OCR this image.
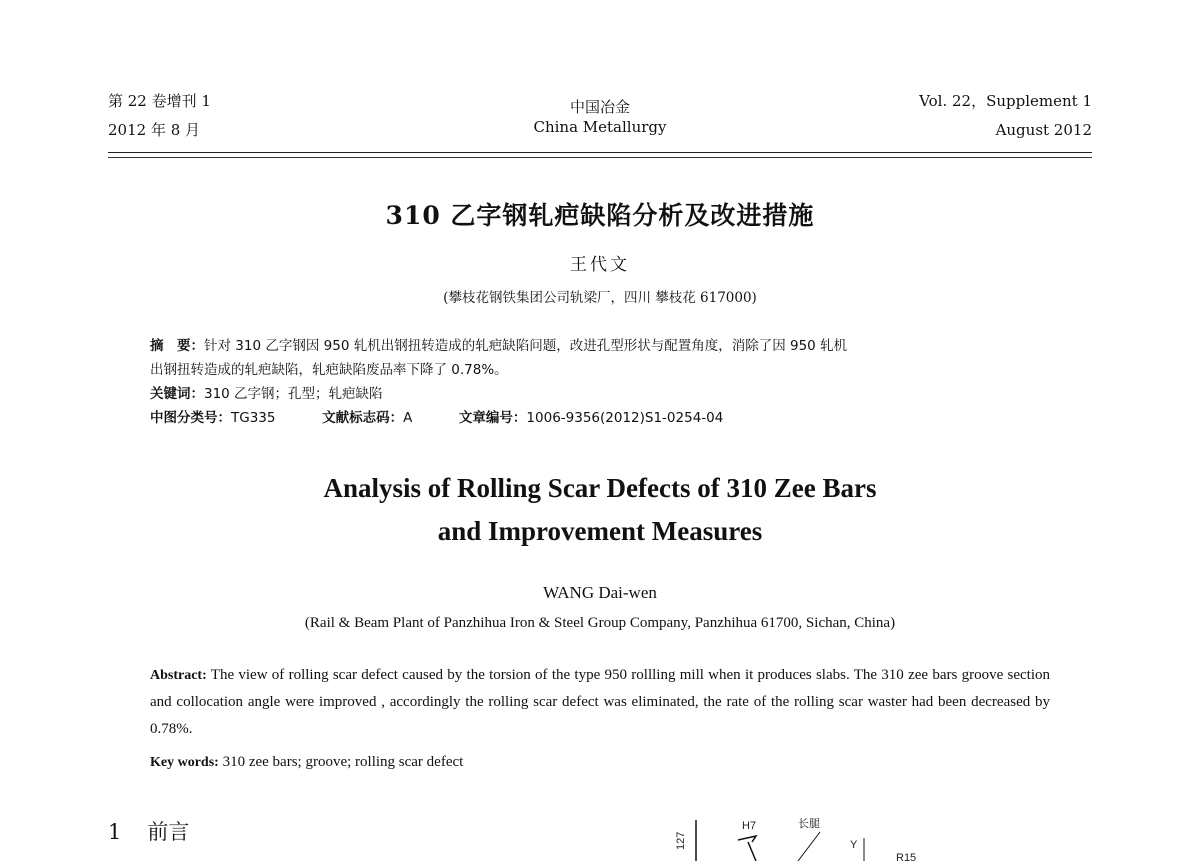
第 22 卷增刊 1
2012 年 8 月
中国冶金
China Metallurgy
Vol. 22，Supplement 1
August 2012
310 乙字钢轧疤缺陷分析及改进措施
王代文
(攀枝花钢铁集团公司轨梁厂，四川 攀枝花 617000)
摘　要：针对 310 乙字钢因 950 轧机出钢扭转造成的轧疤缺陷问题，改进孔型形状与配置角度，消除了因 950 轧机
出钢扭转造成的轧疤缺陷，轧疤缺陷废品率下降了 0.78%。
关键词：310 乙字钢；孔型；轧疤缺陷
中图分类号：TG335	文献标志码：A	文章编号：1006-9356(2012)S1-0254-04
Analysis of Rolling Scar Defects of 310 Zee Bars
and Improvement Measures
WANG Dai-wen
(Rail & Beam Plant of Panzhihua Iron & Steel Group Company, Panzhihua 61700, Sichan, China)
Abstract: The view of rolling scar defect caused by the torsion of the type 950 rollling mill when it produces slabs. The 310 zee bars groove section and collocation angle were improved , accordingly the rolling scar defect was eliminated, the rate of the rolling scar waster had been decreased by 0.78%.
Key words: 310 zee bars; groove; rolling scar defect
1 前言	127
H7	长腿
Y
R15
